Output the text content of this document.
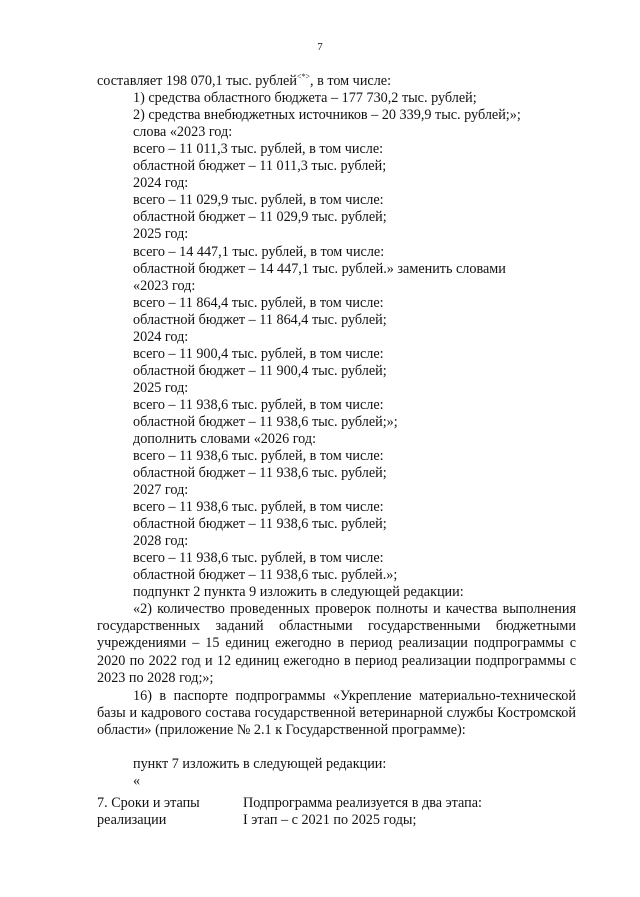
7
составляет 198 070,1 тыс. рублей<*>, в том числе:
1) средства областного бюджета – 177 730,2 тыс. рублей;
2) средства внебюджетных источников – 20 339,9 тыс. рублей;»;
слова «2023 год:
всего – 11 011,3 тыс. рублей, в том числе:
областной бюджет – 11 011,3 тыс. рублей;
2024 год:
всего – 11 029,9 тыс. рублей, в том числе:
областной бюджет – 11 029,9 тыс. рублей;
2025 год:
всего – 14 447,1 тыс. рублей, в том числе:
областной бюджет – 14 447,1 тыс. рублей.» заменить словами
«2023 год:
всего – 11 864,4 тыс. рублей, в том числе:
областной бюджет – 11 864,4 тыс. рублей;
2024 год:
всего – 11 900,4 тыс. рублей, в том числе:
областной бюджет – 11 900,4 тыс. рублей;
2025 год:
всего – 11 938,6 тыс. рублей, в том числе:
областной бюджет – 11 938,6 тыс. рублей;»;
дополнить словами «2026 год:
всего – 11 938,6 тыс. рублей, в том числе:
областной бюджет – 11 938,6 тыс. рублей;
2027 год:
всего – 11 938,6 тыс. рублей, в том числе:
областной бюджет – 11 938,6 тыс. рублей;
2028 год:
всего – 11 938,6 тыс. рублей, в том числе:
областной бюджет – 11 938,6 тыс. рублей.»;
подпункт 2 пункта 9 изложить в следующей редакции:
«2) количество проведенных проверок полноты и качества выполнения государственных заданий областными государственными бюджетными учреждениями – 15 единиц ежегодно в период реализации подпрограммы с 2020 по 2022 год и 12 единиц ежегодно в период реализации подпрограммы с 2023 по 2028 год;»;
16) в паспорте подпрограммы «Укрепление материально-технической базы и кадрового состава государственной ветеринарной службы Костромской области» (приложение № 2.1 к Государственной программе):
пункт 7 изложить в следующей редакции:
«
7. Сроки и этапы
реализации
Подпрограмма реализуется в два этапа:
I этап – с 2021 по 2025 годы;
